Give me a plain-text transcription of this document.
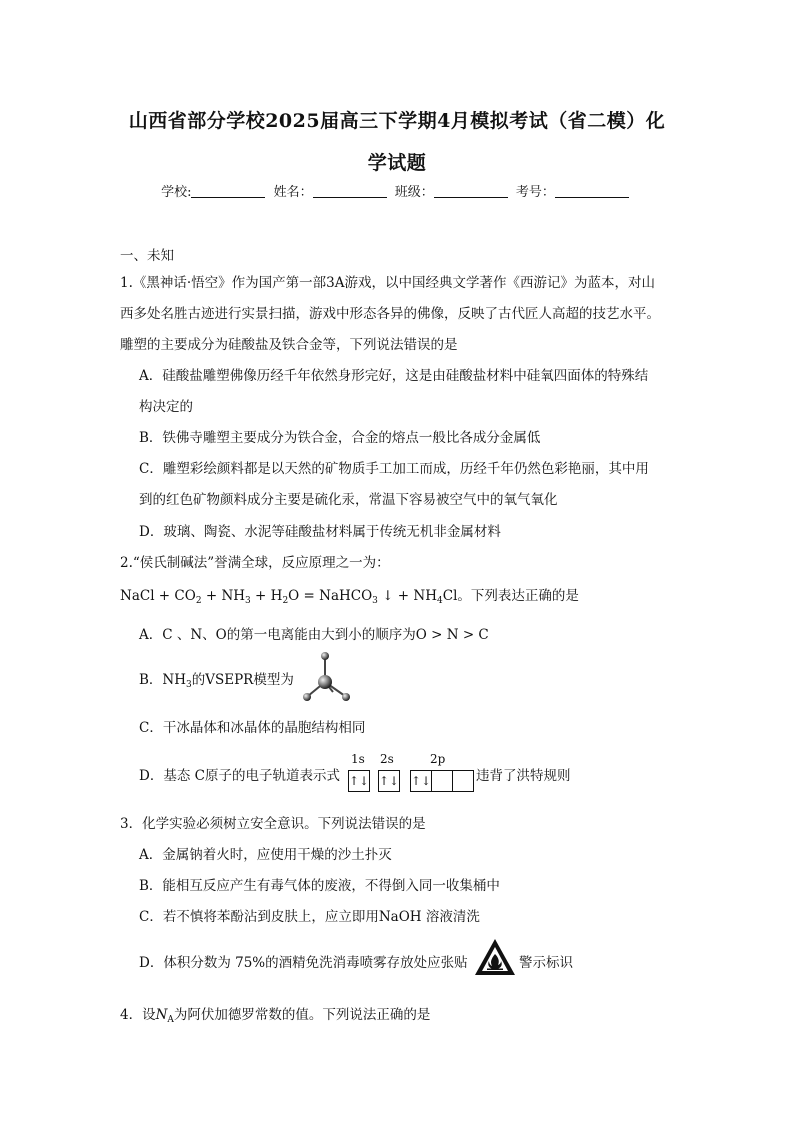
山西省部分学校2025届高三下学期4月模拟考试（省二模）化
学试题
学校:	姓名：	班级：	考号：
一、未知
1.《黑神话·悟空》作为国产第一部3A游戏，以中国经典文学著作《西游记》为蓝本，对山
西多处名胜古迹进行实景扫描，游戏中形态各异的佛像，反映了古代匠人高超的技艺水平。
雕塑的主要成分为硅酸盐及铁合金等，下列说法错误的是
A．硅酸盐雕塑佛像历经千年依然身形完好，这是由硅酸盐材料中硅氧四面体的特殊结
构决定的
B．铁佛寺雕塑主要成分为铁合金，合金的熔点一般比各成分金属低
C．雕塑彩绘颜料都是以天然的矿物质手工加工而成，历经千年仍然色彩艳丽，其中用
到的红色矿物颜料成分主要是硫化汞，常温下容易被空气中的氧气氧化
D．玻璃、陶瓷、水泥等硅酸盐材料属于传统无机非金属材料
2.“侯氏制碱法”誉满全球，反应原理之一为：
NaCl + $CO_2 + NH_3 + H_2O$ = NaHCO$_3$ ↓ + $NH_4Cl$。下列表达正确的是
A．C 、N、O的第一电离能由大到小的顺序为O > N > C
B．$NH_3$的VSEPR模型为
C．干冰晶体和冰晶体的晶胞结构相同
D．基态 C原子的电子轨道表示式
1s 2s	2p
↑↓ ↑↓ ↑↓	违背了洪特规则
3．化学实验必须树立安全意识。下列说法错误的是
A．金属钠着火时，应使用干燥的沙土扑灭
B．能相互反应产生有毒气体的废液，不得倒入同一收集桶中
C．若不慎将苯酚沾到皮肤上，应立即用NaOH 溶液清洗
D．体积分数为 75%的酒精免洗消毒喷雾存放处应张贴	警示标识
4．设$N_A$为阿伏加德罗常数的值。下列说法正确的是
